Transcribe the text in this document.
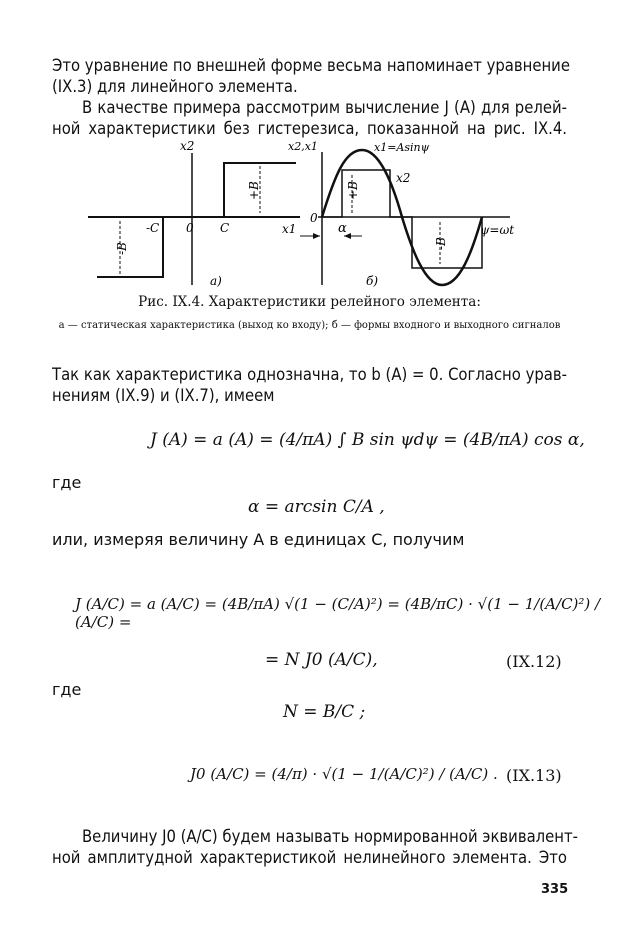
Это уравнение по внешней форме весьма напоминает уравнение
(IX.3) для линейного элемента.
В качестве примера рассмотрим вычисление J (A) для релей-
ной характеристики без гистерезиса, показанной на рис. IX.4.
x2
x1
-C 0 C
+B
-B
a)
x2,x1	x1=Asinψ
x2
0
α
+B
-B
ψ=ωt
б)
Рис. IX.4. Характеристики релейного элемента:
а — статическая характеристика (выход ко входу); б — формы входного и выходного сигналов
Так как характеристика однозначна, то b (A) = 0. Согласно урав-
нениям (IX.9) и (IX.7), имеем
J (A) = a (A) = (4/πA) ∫ B sin ψdψ = (4B/πA) cos α,
где
α = arcsin C/A ,
или, измеряя величину A в единицах C, получим
J (A/C) = a (A/C) = (4B/πA) √(1 − (C/A)²) = (4B/πC) · √(1 − 1/(A/C)²) / (A/C) =
= N J0 (A/C),	(IX.12)
где
N = B/C ;
J0 (A/C) = (4/π) · √(1 − 1/(A/C)²) / (A/C) . (IX.13)
Величину J0 (A/C) будем называть нормированной эквивалент-
ной амплитудной характеристикой нелинейного элемента. Это
335
